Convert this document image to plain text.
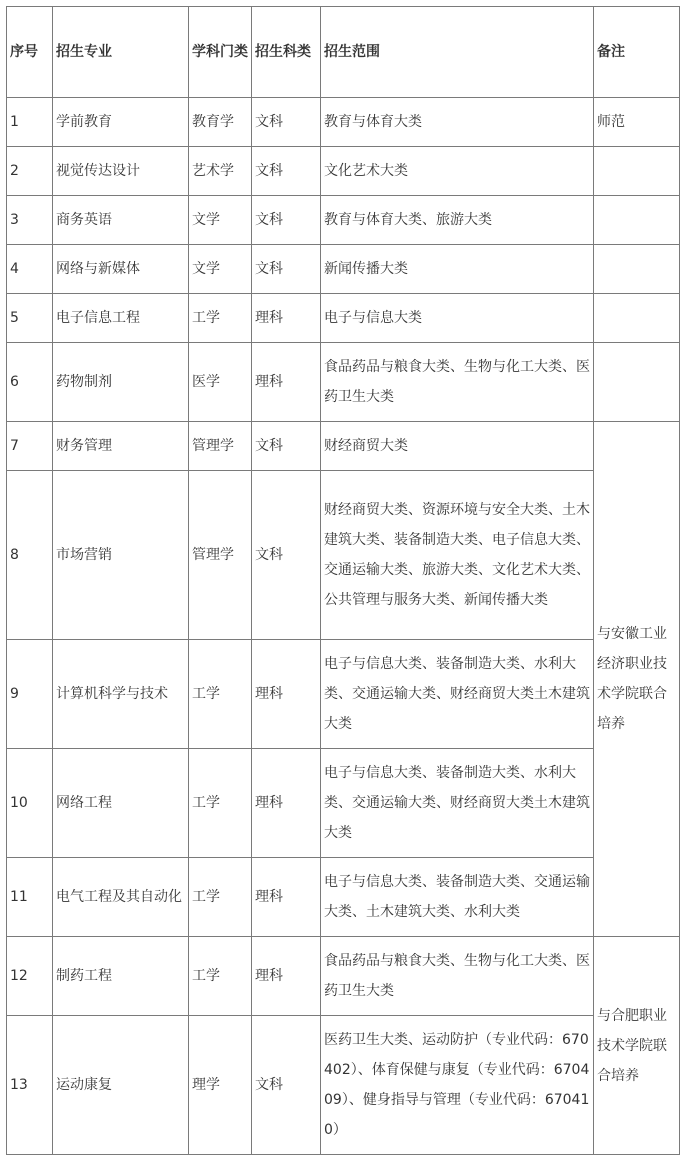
序号	招生专业	学科门类	招生科类	招生范围	备注
1	学前教育	教育学	文科	教育与体育大类	师范
2	视觉传达设计	艺术学	文科	文化艺术大类	
3	商务英语	文学	文科	教育与体育大类、旅游大类	
4	网络与新媒体	文学	文科	新闻传播大类	
5	电子信息工程	工学	理科	电子与信息大类	
6	药物制剂	医学	理科	食品药品与粮食大类、生物与化工大类、医药卫生大类	
7	财务管理	管理学	文科	财经商贸大类	与安徽工业经济职业技术学院联合培养
8	市场营销	管理学	文科	财经商贸大类、资源环境与安全大类、土木建筑大类、装备制造大类、电子信息大类、交通运输大类、旅游大类、文化艺术大类、公共管理与服务大类、新闻传播大类	
9	计算机科学与技术	工学	理科	电子与信息大类、装备制造大类、水利大类、交通运输大类、财经商贸大类土木建筑大类	
10	网络工程	工学	理科	电子与信息大类、装备制造大类、水利大类、交通运输大类、财经商贸大类土木建筑大类	
11	电气工程及其自动化	工学	理科	电子与信息大类、装备制造大类、交通运输大类、土木建筑大类、水利大类	
12	制药工程	工学	理科	食品药品与粮食大类、生物与化工大类、医药卫生大类	与合肥职业技术学院联合培养
13	运动康复	理学	文科	医药卫生大类、运动防护（专业代码：670402）、体育保健与康复（专业代码：670409）、健身指导与管理（专业代码：670410）	
